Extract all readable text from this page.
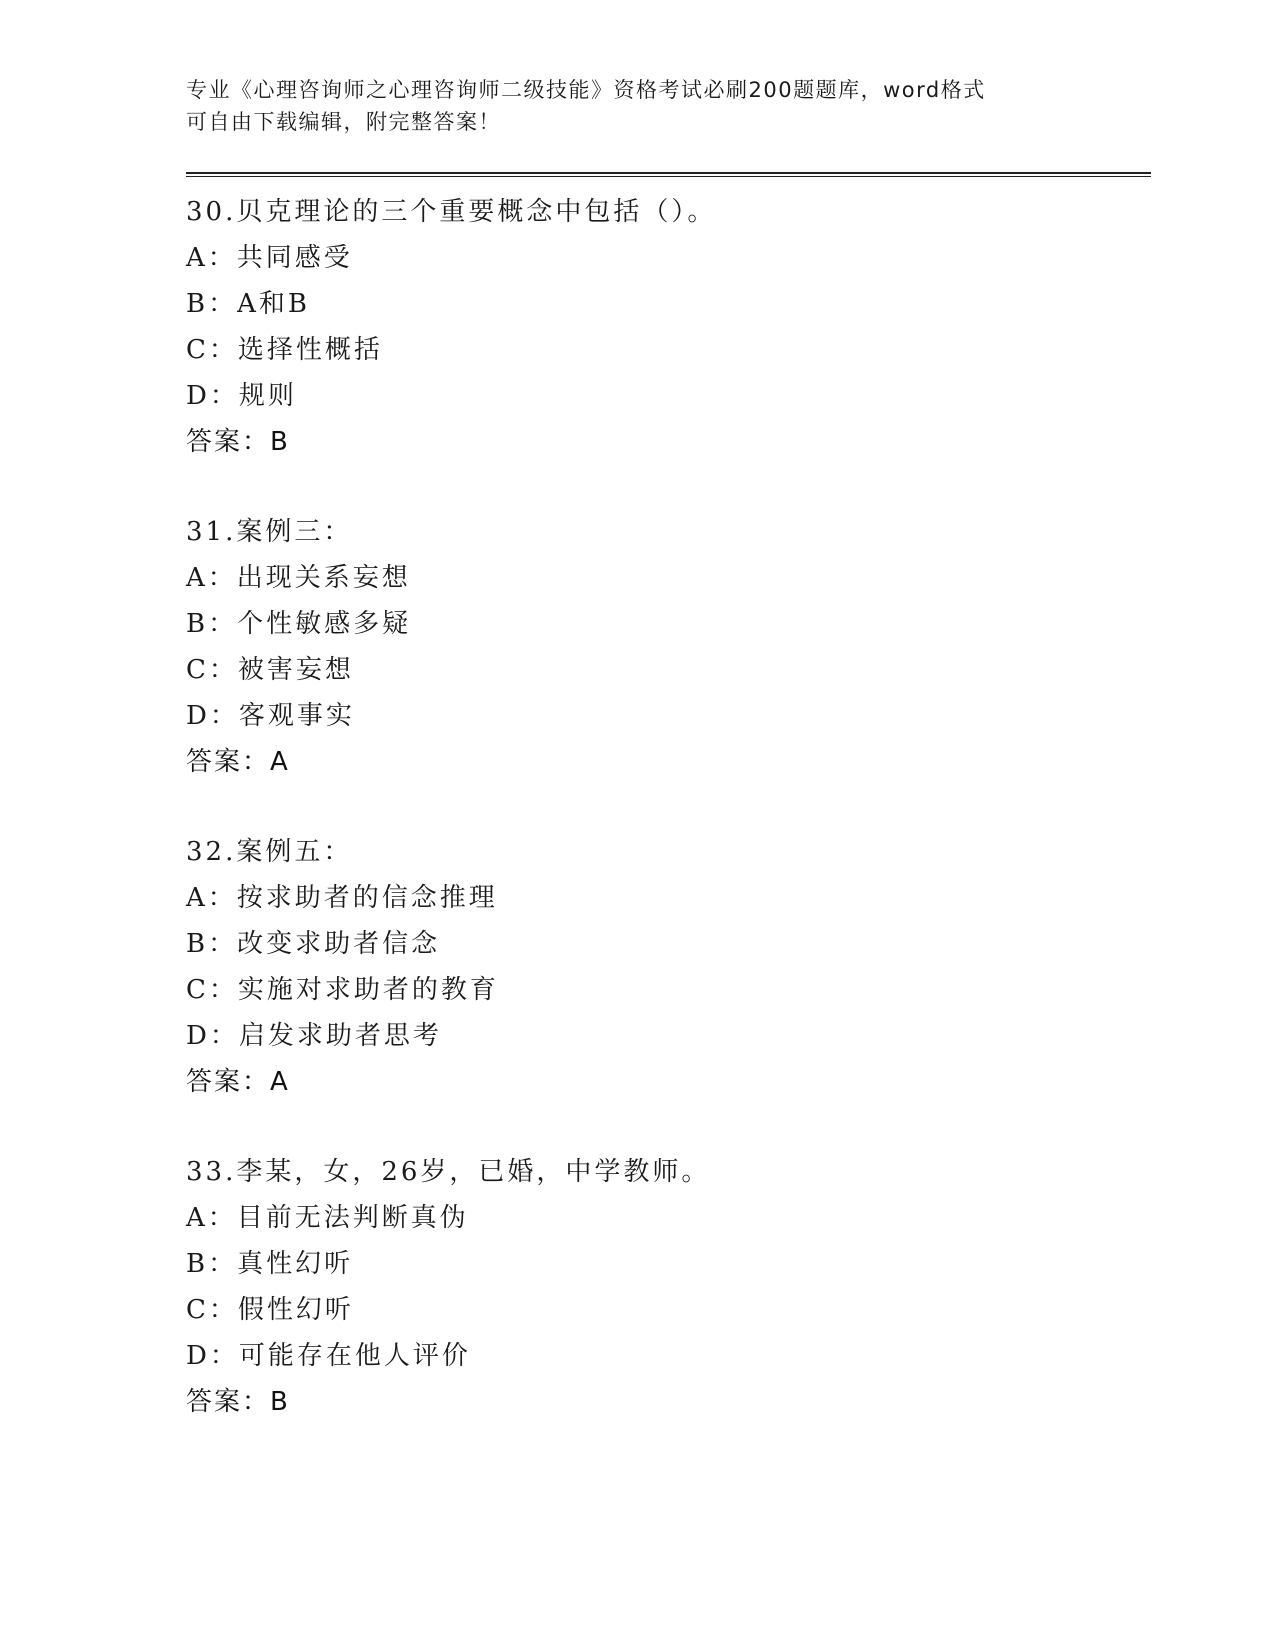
专业《心理咨询师之心理咨询师二级技能》资格考试必刷200题题库，word格式

可自由下载编辑，附完整答案！

30.贝克理论的三个重要概念中包括（）。
A：共同感受
B：A和B
C：选择性概括
D：规则
答案：B
31.案例三：
A：出现关系妄想
B：个性敏感多疑
C：被害妄想
D：客观事实
答案：A
32.案例五：
A：按求助者的信念推理
B：改变求助者信念
C：实施对求助者的教育
D：启发求助者思考
答案：A
33.李某，女，26岁，已婚，中学教师。
A：目前无法判断真伪
B：真性幻听
C：假性幻听
D：可能存在他人评价
答案：B
